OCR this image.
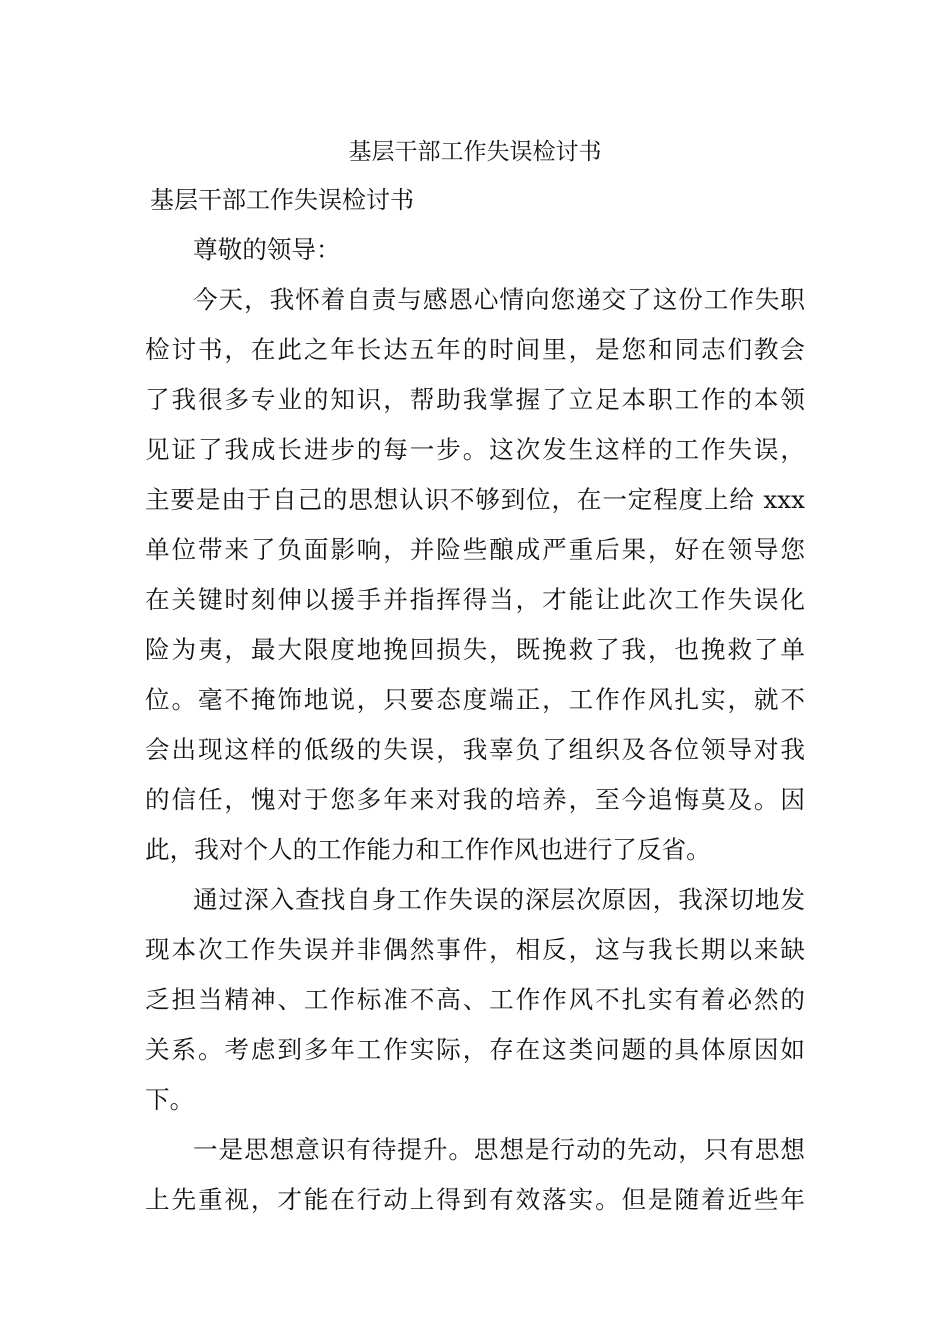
基层干部工作失误检讨书
基层干部工作失误检讨书
尊敬的领导：
今天，我怀着自责与感恩心情向您递交了这份工作失职
检讨书，在此之年长达五年的时间里，是您和同志们教会
了我很多专业的知识，帮助我掌握了立足本职工作的本领
见证了我成长进步的每一步。这次发生这样的工作失误，
主要是由于自己的思想认识不够到位，在一定程度上给 xxx
单位带来了负面影响，并险些酿成严重后果，好在领导您
在关键时刻伸以援手并指挥得当，才能让此次工作失误化
险为夷，最大限度地挽回损失，既挽救了我，也挽救了单
位。毫不掩饰地说，只要态度端正，工作作风扎实，就不
会出现这样的低级的失误，我辜负了组织及各位领导对我
的信任，愧对于您多年来对我的培养，至今追悔莫及。因
此，我对个人的工作能力和工作作风也进行了反省。
通过深入查找自身工作失误的深层次原因，我深切地发
现本次工作失误并非偶然事件，相反，这与我长期以来缺
乏担当精神、工作标准不高、工作作风不扎实有着必然的
关系。考虑到多年工作实际，存在这类问题的具体原因如
下。
一是思想意识有待提升。思想是行动的先动，只有思想
上先重视，才能在行动上得到有效落实。但是随着近些年
